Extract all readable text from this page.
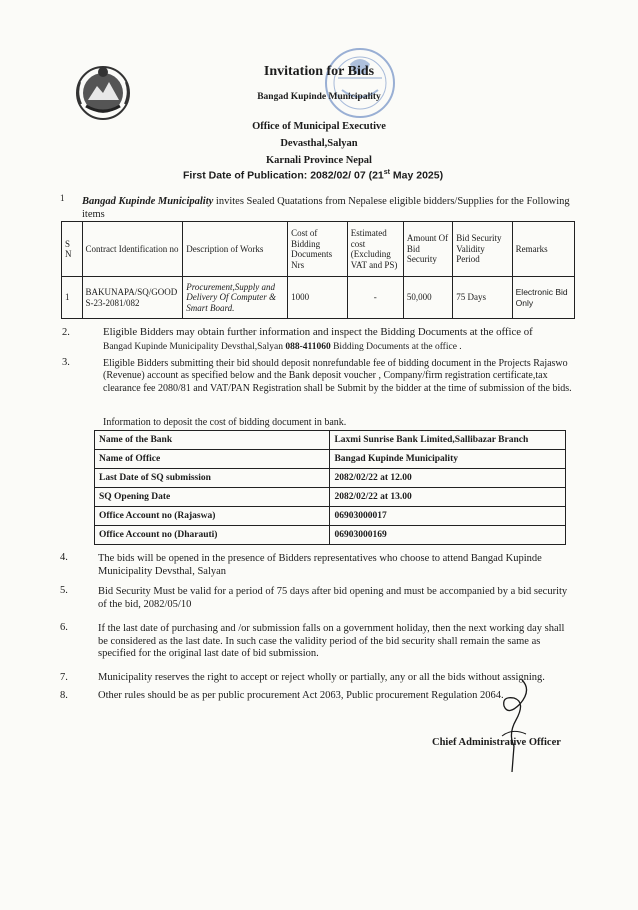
Invitation for Bids
Bangad Kupinde Municipality
Office of Municipal Executive
Devasthal,Salyan
Karnali Province Nepal
First Date of Publication: 2082/02/ 07 (21st May 2025)
1 Bangad Kupinde Municipality invites Sealed Quatations from Nepalese eligible bidders/Supplies for the Following items
S N	Contract Identification no	Description of Works	Cost of Bidding Documents Nrs	Estimated cost (Excluding VAT and PS)	Amount Of Bid Security	Bid Security Validity Period	Remarks
1	BAKUNAPA/SQ/GOODS-23-2081/082	Procurement,Supply and Delivery Of Computer & Smart Board.	1000	-	50,000	75 Days	Electronic Bid Only
2.	Eligible Bidders may obtain further information and inspect the Bidding Documents at the office of
Bangad Kupinde Municipality Devsthal,Salyan 088-411060 Bidding Documents at the office .
3.	Eligible Bidders submitting their bid should deposit nonrefundable fee of bidding document in the Projects Rajaswo (Revenue) account as specified below and the Bank deposit voucher , Company/firm registration certificate,tax clearance fee 2080/81 and VAT/PAN Registration shall be Submit by the bidder at the time of submission of the bids.
Information to deposit the cost of bidding document in bank.
Name of the Bank	Laxmi Sunrise Bank Limited,Sallibazar Branch
Name of Office	Bangad Kupinde Municipality
Last Date of SQ submission	2082/02/22 at 12.00
SQ Opening Date	2082/02/22 at 13.00
Office Account no (Rajaswa)	06903000017
Office Account no (Dharauti)	06903000169
4.	The bids will be opened in the presence of Bidders representatives who choose to attend Bangad Kupinde Municipality Devsthal, Salyan
5.	Bid Security Must be valid for a period of 75 days after bid opening and must be accompanied by a bid security of the bid, 2082/05/10
6.	If the last date of purchasing and /or submission falls on a government holiday, then the next working day shall be considered as the last date. In such case the validity period of the bid security shall remain the same as specified for the original last date of bid submission.
7.	Municipality reserves the right to accept or reject wholly or partially, any or all the bids without assigning.
8.	Other rules should be as per public procurement Act 2063, Public procurement Regulation 2064.
Chief Administrative Officer
